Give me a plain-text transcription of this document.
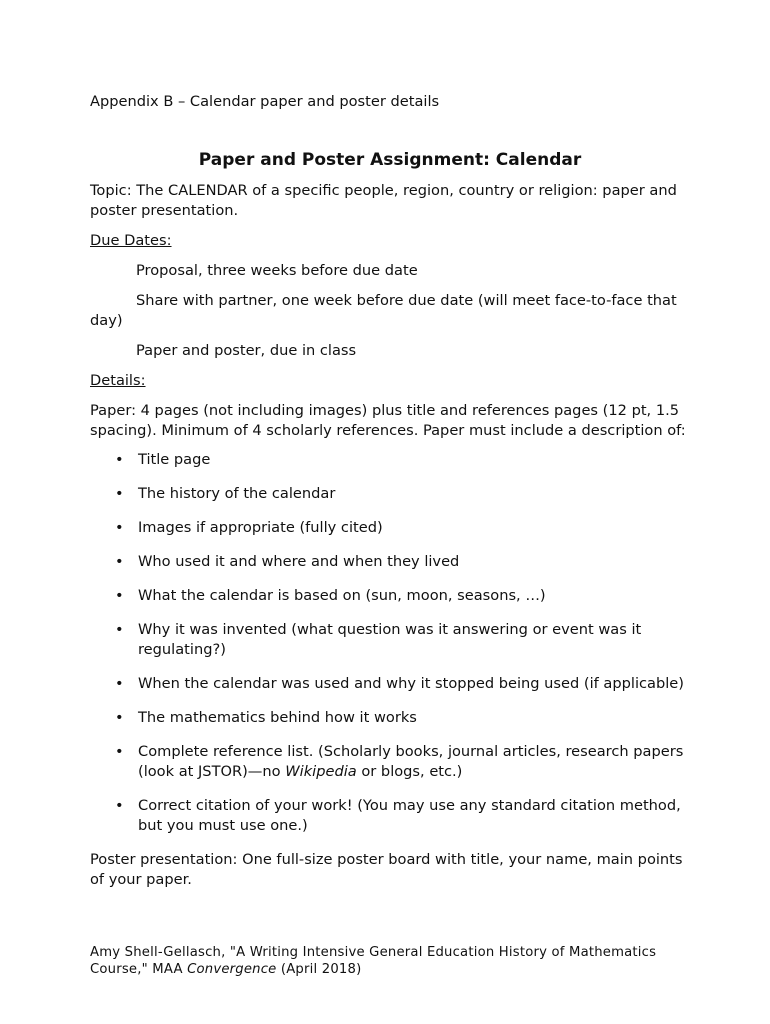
Appendix B – Calendar paper and poster details

Paper and Poster Assignment: Calendar

Topic: The CALENDAR of a specific people, region, country or religion: paper and poster presentation.

Due Dates:

Proposal, three weeks before due date

Share with partner, one week before due date (will meet face-to-face that day)

Paper and poster, due in class

Details:

Paper: 4 pages (not including images) plus title and references pages (12 pt, 1.5 spacing). Minimum of 4 scholarly references. Paper must include a description of:

• Title page
• The history of the calendar
• Images if appropriate (fully cited)
• Who used it and where and when they lived
• What the calendar is based on (sun, moon, seasons, …)
• Why it was invented (what question was it answering or event was it regulating?)
• When the calendar was used and why it stopped being used (if applicable)
• The mathematics behind how it works
• Complete reference list. (Scholarly books, journal articles, research papers (look at JSTOR)—no Wikipedia or blogs, etc.)
• Correct citation of your work! (You may use any standard citation method, but you must use one.)

Poster presentation: One full-size poster board with title, your name, main points of your paper.

Amy Shell-Gellasch, "A Writing Intensive General Education History of Mathematics Course," MAA Convergence (April 2018)
